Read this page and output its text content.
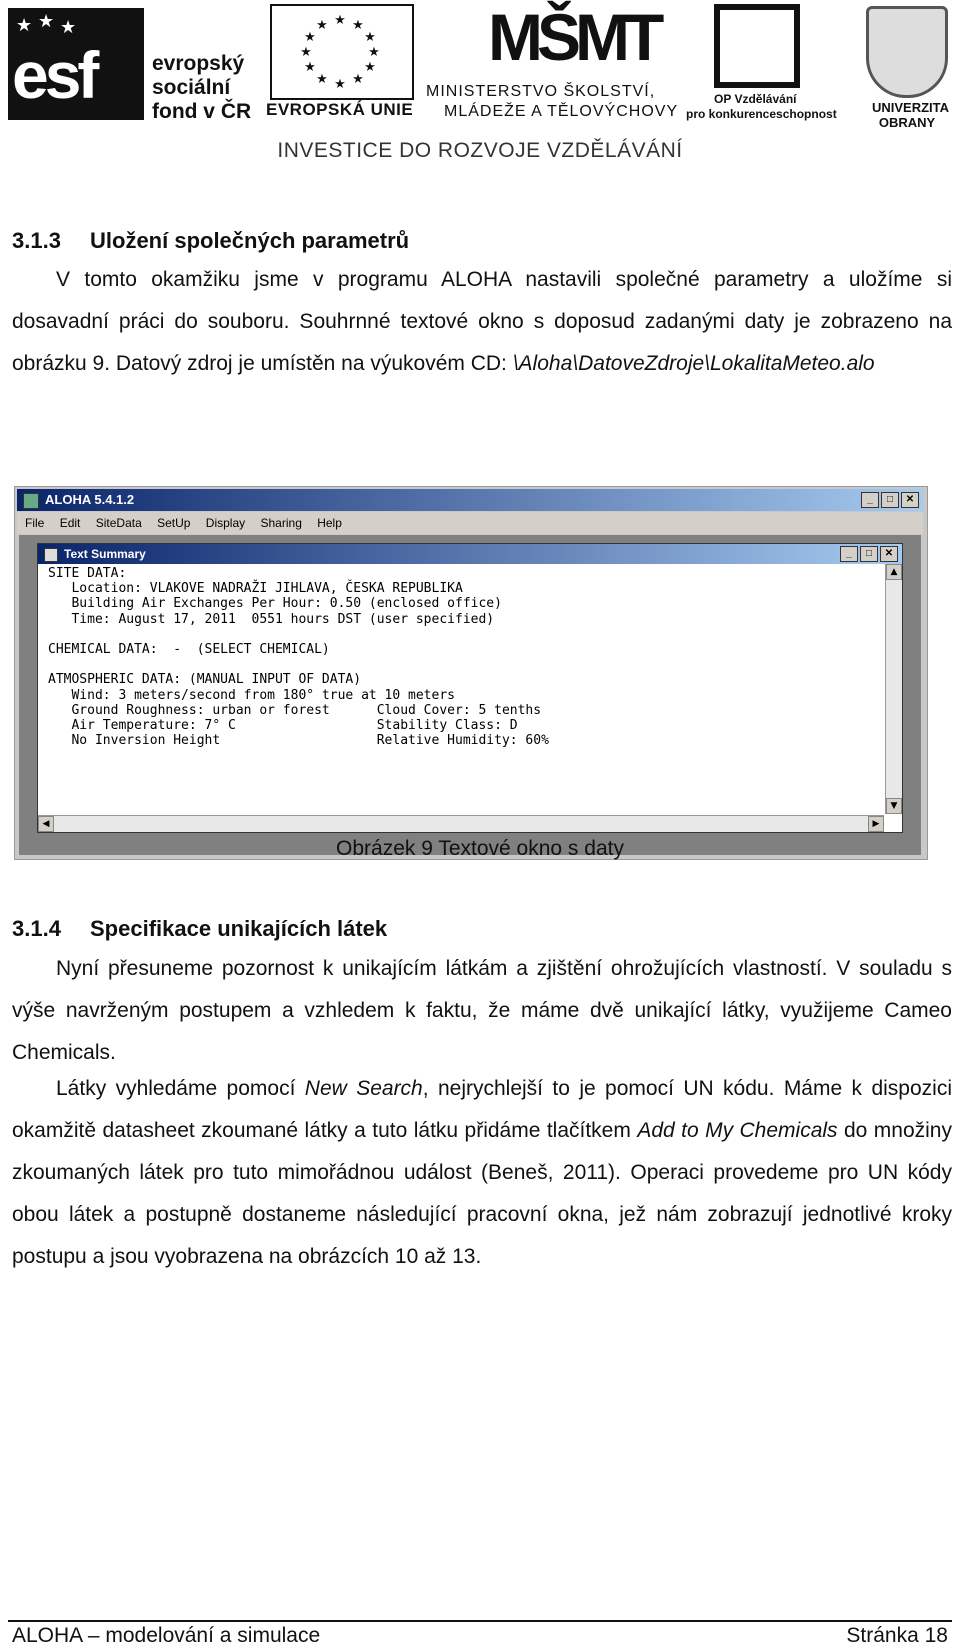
★ ★ ★
esf	evropský
sociální
fond v ČR
★ ★
★
★
★
★
★
★
★
★
★
★
EVROPSKÁ UNIE
MŠMT
MINISTERSTVO ŠKOLSTVÍ,
MLÁDEŽE A TĚLOVÝCHOVY
OP Vzdělávání
pro konkurenceschopnost	UNIVERZITA
OBRANY
INVESTICE DO ROZVOJE VZDĚLÁVÁNÍ
3.1.3 Uložení společných parametrů
V tomto okamžiku jsme v programu ALOHA nastavili společné parametry a uložíme si dosavadní práci do souboru. Souhrnné textové okno s doposud zadanými daty je zobrazeno na obrázku 9. Datový zdroj je umístěn na výukovém CD: \Aloha\DatoveZdroje\LokalitaMeteo.alo
ALOHA 5.4.1.2	_ □ ✕
File Edit SiteData SetUp Display Sharing Help
Text Summary	_ □ ✕
SITE DATA:
Location: VLAKOVE NADRAŽI JIHLAVA, ČESKA REPUBLIKA
Building Air Exchanges Per Hour: 0.50 (enclosed office)
Time: August 17, 2011  0551 hours DST (user specified)

CHEMICAL DATA:  -  (SELECT CHEMICAL)

ATMOSPHERIC DATA: (MANUAL INPUT OF DATA)
Wind: 3 meters/second from 180° true at 10 meters
Ground Roughness: urban or forest      Cloud Cover: 5 tenths
Air Temperature: 7° C                  Stability Class: D
No Inversion Height                    Relative Humidity: 60%
▲
▼
◀	▶
Obrázek 9 Textové okno s daty
3.1.4 Specifikace unikajících látek
Nyní přesuneme pozornost k unikajícím látkám a zjištění ohrožujících vlastností. V souladu s výše navrženým postupem a vzhledem k faktu, že máme dvě unikající látky, využijeme Cameo Chemicals.
Látky vyhledáme pomocí New Search, nejrychlejší to je pomocí UN kódu. Máme k dispozici okamžitě datasheet zkoumané látky a tuto látku přidáme tlačítkem Add to My Chemicals do množiny zkoumaných látek pro tuto mimořádnou událost (Beneš, 2011). Operaci provedeme pro UN kódy obou látek a postupně dostaneme následující pracovní okna, jež nám zobrazují jednotlivé kroky postupu a jsou vyobrazena na obrázcích 10 až 13.
ALOHA – modelování a simulace	Stránka 18
